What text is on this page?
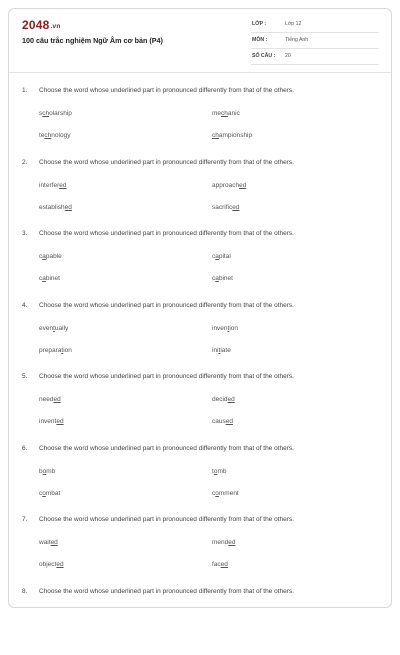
2048.vn
100 câu trắc nghiệm Ngữ Âm cơ bản (P4)
LỚP :	Lớp 12
MÔN :	Tiếng Anh
SỐ CÂU : 20
1. Choose the word whose underlined part in pronounced differently from that of the others.
scholarship	mechanic
technology	championship
2. Choose the word whose underlined part in pronounced differently from that of the others.
interfered	approached
established	sacrificed
3. Choose the word whose underlined part in pronounced differently from that of the others.
capable	capital
cabinet	cabinet
4. Choose the word whose underlined part in pronounced differently from that of the others.
eventually	invention
preparation	initiate
5. Choose the word whose underlined part in pronounced differently from that of the others.
needed	decided
invented	caused
6. Choose the word whose underlined part in pronounced differently from that of the others.
bomb	tomb
combat	comment
7. Choose the word whose underlined part in pronounced differently from that of the others.
waited	mended
objected	faced
8. Choose the word whose underlined part in pronounced differently from that of the others.
